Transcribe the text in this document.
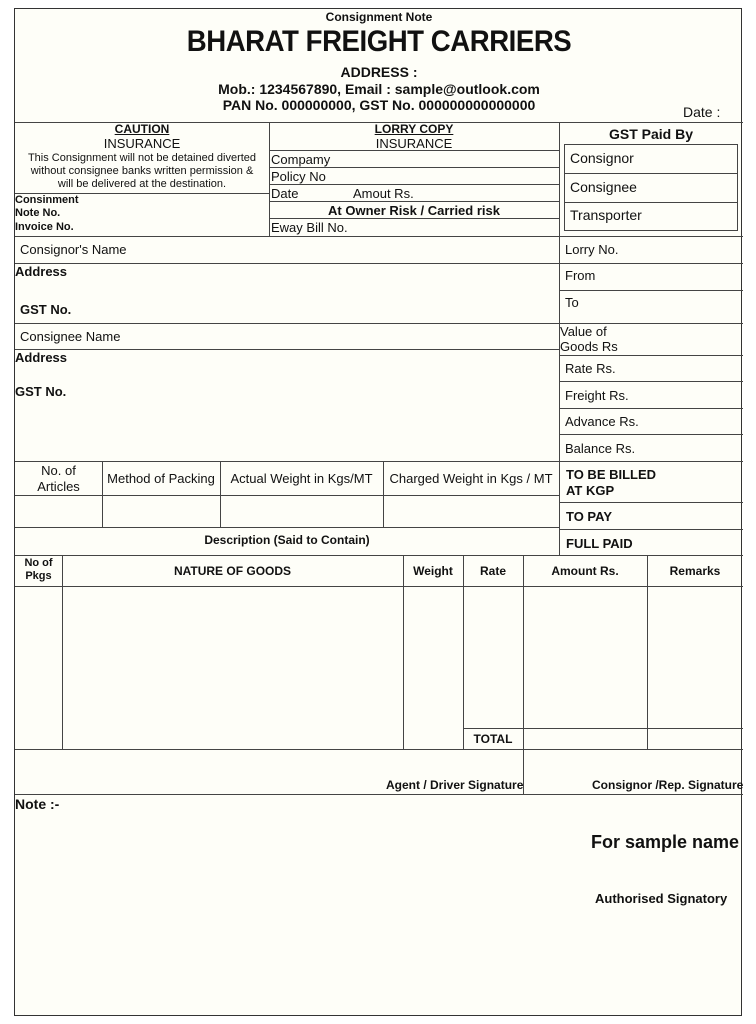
Consignment Note
BHARAT FREIGHT CARRIERS
ADDRESS :
Mob.: 1234567890, Email : sample@outlook.com
PAN No. 000000000, GST No. 000000000000000	Date :
CAUTION
INSURANCE
This Consignment will not be detained diverted
without consignee banks written permission &
will be delivered at the destination.
Consinment
Note No.
Invoice No.
LORRY COPY
INSURANCE
Compamy
Policy No
Date	Amout Rs.
At Owner Risk / Carried risk
Eway Bill No.
GST Paid By
Consignor
Consignee
Transporter
Consignor's Name
Address
GST No.
Consignee Name
Address
GST No.
Lorry No.
From
To
Value of
Goods Rs
Rate Rs.
Freight Rs.
Advance Rs.
Balance Rs.
TO BE BILLED
AT KGP
TO PAY
FULL PAID
No. of
Articles
Method of Packing	Actual Weight in Kgs/MT	Charged Weight in Kgs / MT
Description (Said to Contain)
No of
Pkgs	NATURE OF GOODS	Weight	Rate	Amount Rs.	Remarks
TOTAL
Agent / Driver Signature	Consignor /Rep. Signature
Note :-
For sample name
Authorised Signatory
